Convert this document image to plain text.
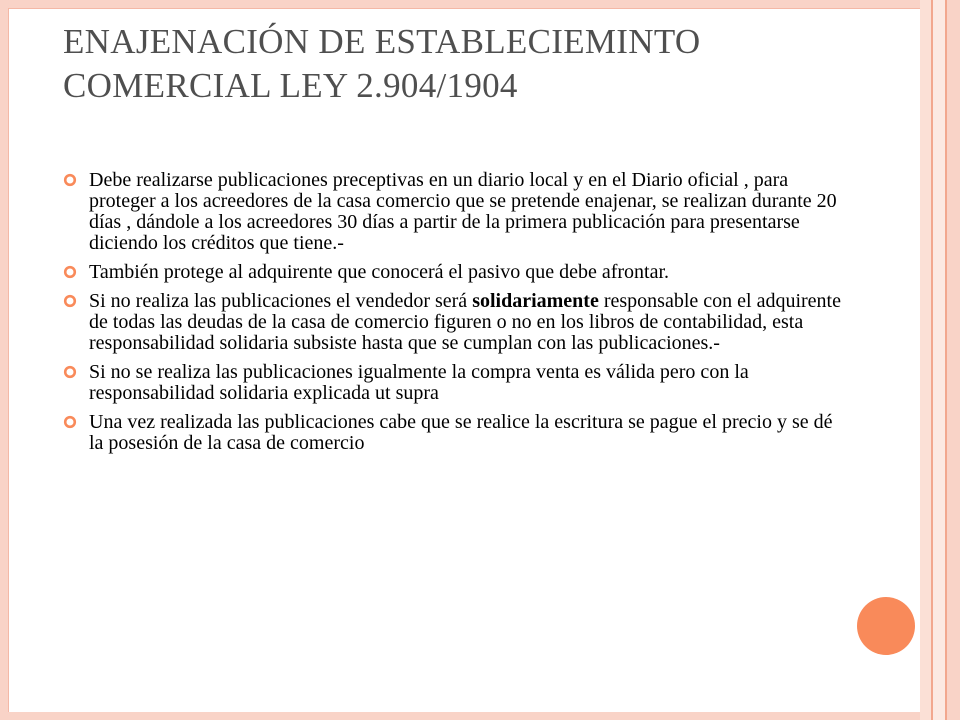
ENAJENACIÓN DE ESTABLECIEMINTO
COMERCIAL LEY 2.904/1904
Debe realizarse publicaciones preceptivas en un diario local y en el Diario oficial , para proteger a los acreedores de la casa comercio que se pretende enajenar, se realizan durante 20 días , dándole a los acreedores 30 días a partir de la primera publicación para presentarse diciendo los créditos que tiene.-
También protege al adquirente que conocerá el pasivo que debe afrontar.
Si no realiza las publicaciones el vendedor será solidariamente responsable con el adquirente de todas las deudas de la casa de comercio figuren o no en los libros de contabilidad, esta responsabilidad solidaria subsiste hasta que se cumplan con las publicaciones.-
Si no se realiza las publicaciones igualmente la compra venta es válida pero con la responsabilidad solidaria explicada ut supra
Una vez realizada las publicaciones cabe que se realice la escritura se pague el precio y se dé la posesión de la casa de comercio
